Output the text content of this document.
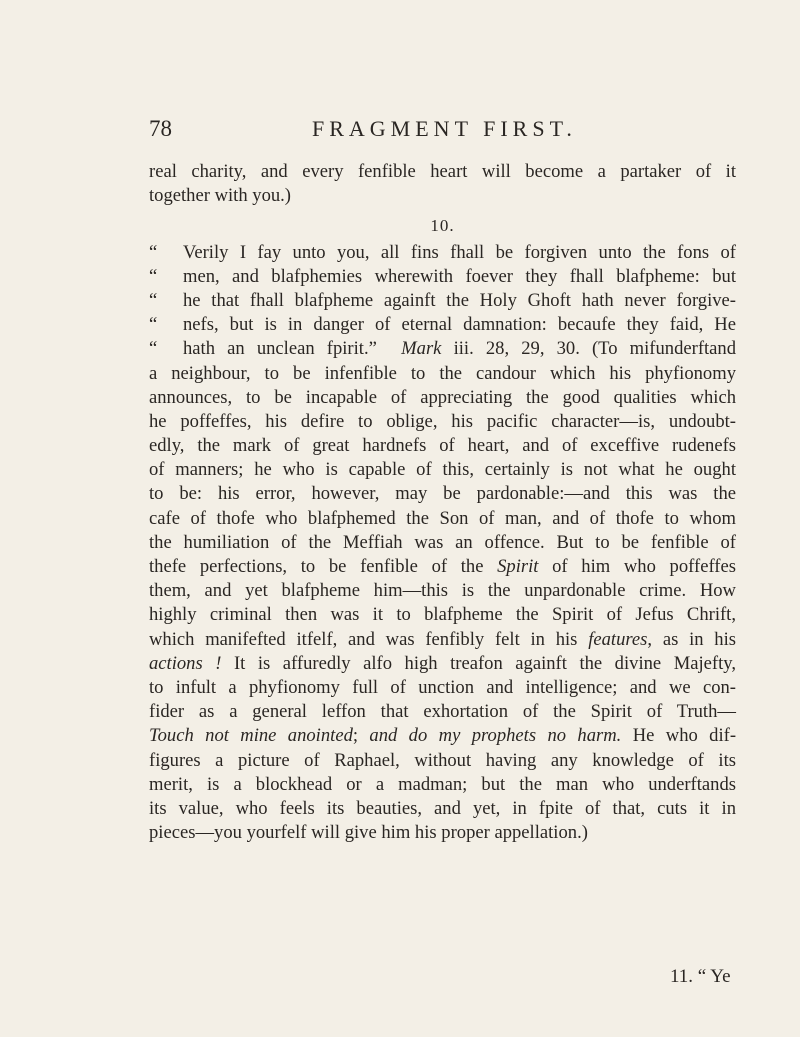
78	FRAGMENT FIRST.
real charity, and every fenfible heart will become a partaker of it
together with you.)
10.
“ Verily I fay unto you, all fins fhall be forgiven unto the fons of
“ men, and blafphemies wherewith foever they fhall blafpheme: but
“ he that fhall blafpheme againft the Holy Ghoft hath never forgive-
“ nefs, but is in danger of eternal damnation: becaufe they faid, He
“ hath an unclean fpirit.” Mark iii. 28, 29, 30. (To mifunderftand
a neighbour, to be infenfible to the candour which his phyfionomy
announces, to be incapable of appreciating the good qualities which
he poffeffes, his defire to oblige, his pacific character—is, undoubt-
edly, the mark of great hardnefs of heart, and of exceffive rudenefs
of manners; he who is capable of this, certainly is not what he ought
to be: his error, however, may be pardonable:—and this was the
cafe of thofe who blafphemed the Son of man, and of thofe to whom
the humiliation of the Meffiah was an offence. But to be fenfible of
thefe perfections, to be fenfible of the Spirit of him who poffeffes
them, and yet blafpheme him—this is the unpardonable crime. How
highly criminal then was it to blafpheme the Spirit of Jefus Chrift,
which manifefted itfelf, and was fenfibly felt in his features, as in his
actions ! It is affuredly alfo high treafon againft the divine Majefty,
to infult a phyfionomy full of unction and intelligence; and we con-
fider as a general leffon that exhortation of the Spirit of Truth—
Touch not mine anointed; and do my prophets no harm. He who dif-
figures a picture of Raphael, without having any knowledge of its
merit, is a blockhead or a madman; but the man who underftands
its value, who feels its beauties, and yet, in fpite of that, cuts it in
pieces—you yourfelf will give him his proper appellation.)
11. “ Ye
